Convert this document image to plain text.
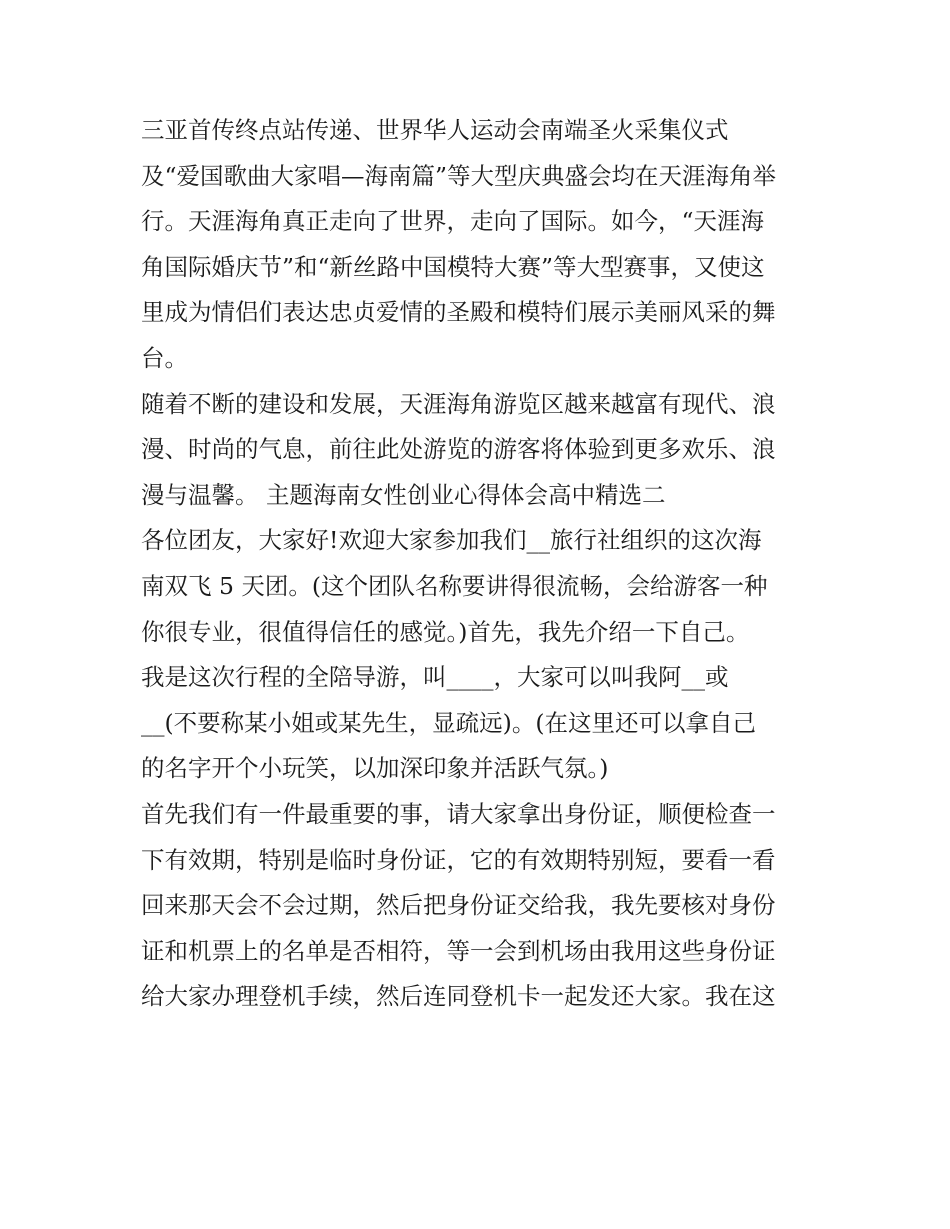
三亚首传终点站传递、世界华人运动会南端圣火采集仪式
及“爱国歌曲大家唱—海南篇”等大型庆典盛会均在天涯海角举
行。天涯海角真正走向了世界，走向了国际。如今，“天涯海
角国际婚庆节”和“新丝路中国模特大赛”等大型赛事，又使这
里成为情侣们表达忠贞爱情的圣殿和模特们展示美丽风采的舞
台。
随着不断的建设和发展，天涯海角游览区越来越富有现代、浪
漫、时尚的气息，前往此处游览的游客将体验到更多欢乐、浪
漫与温馨。 主题海南女性创业心得体会高中精选二
各位团友，大家好!欢迎大家参加我们__旅行社组织的这次海
南双飞 5 天团。(这个团队名称要讲得很流畅，会给游客一种
你很专业，很值得信任的感觉。)首先，我先介绍一下自己。
我是这次行程的全陪导游，叫____，大家可以叫我阿__或
__(不要称某小姐或某先生，显疏远)。(在这里还可以拿自己
的名字开个小玩笑，以加深印象并活跃气氛。)
首先我们有一件最重要的事，请大家拿出身份证，顺便检查一
下有效期，特别是临时身份证，它的有效期特别短，要看一看
回来那天会不会过期，然后把身份证交给我，我先要核对身份
证和机票上的名单是否相符，等一会到机场由我用这些身份证
给大家办理登机手续，然后连同登机卡一起发还大家。我在这
